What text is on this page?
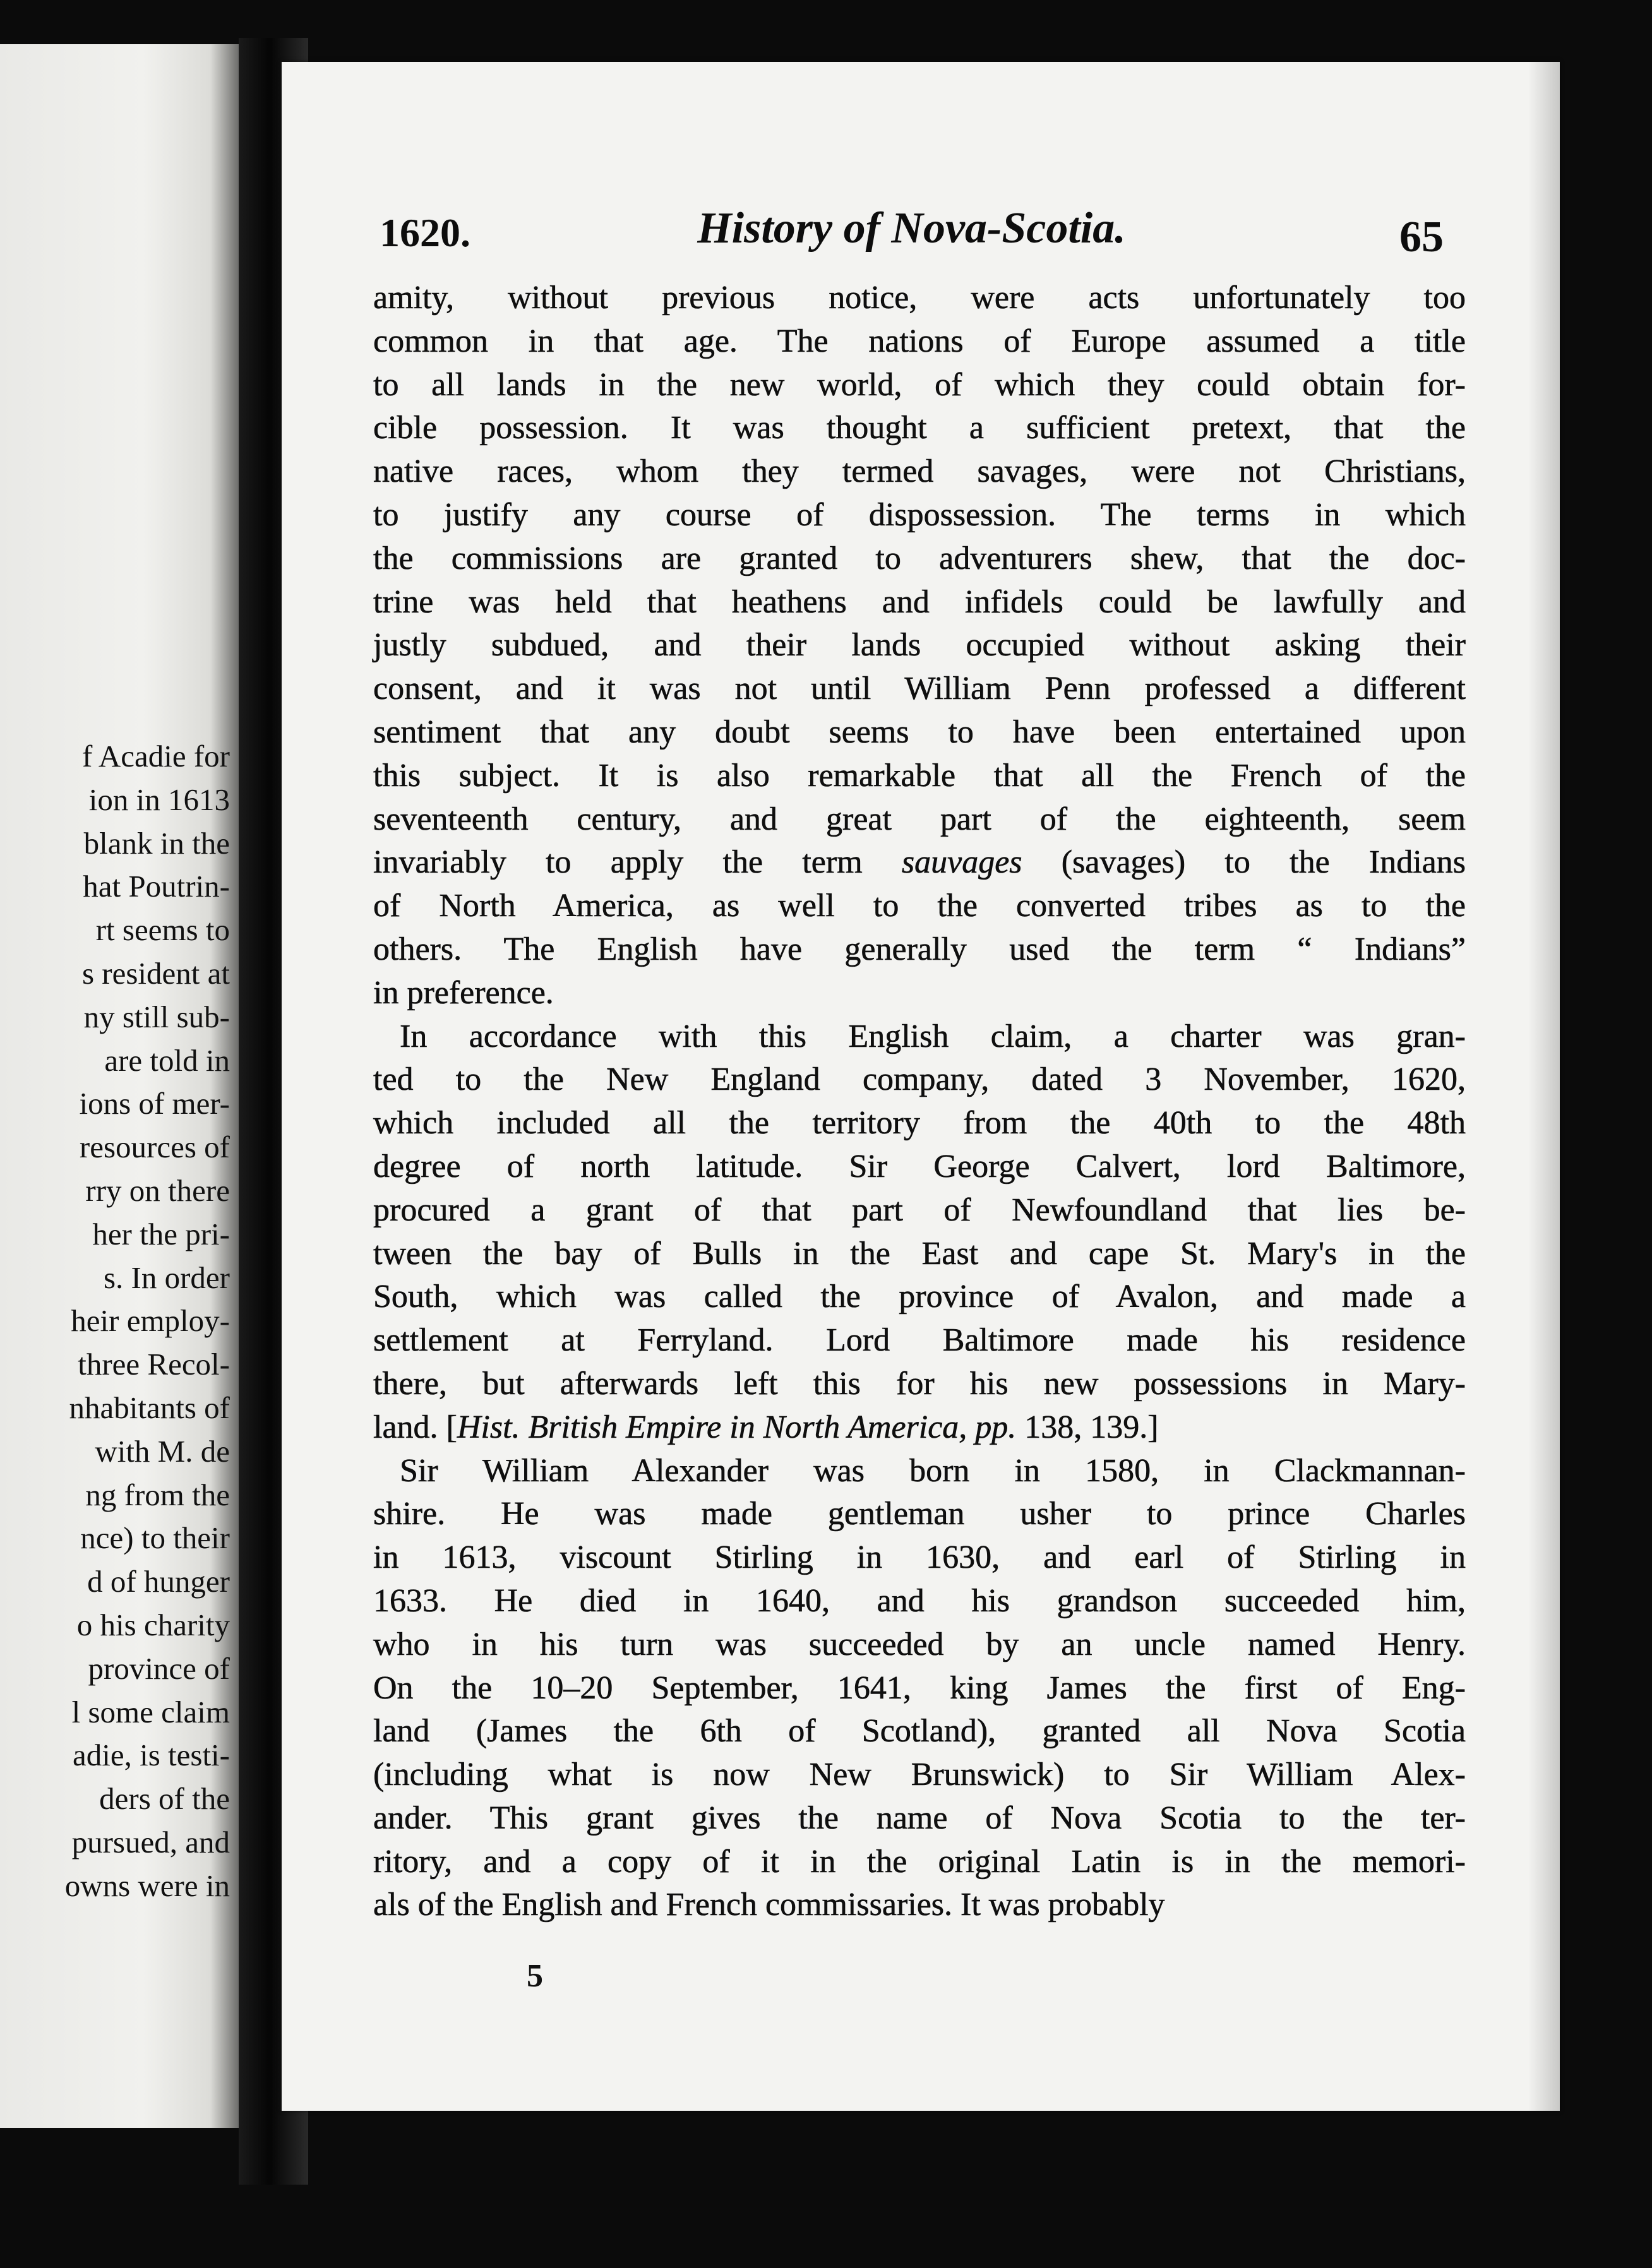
f Acadie for
ion in 1613
blank in the
hat Poutrin-
rt seems to
s resident at
ny still sub-
are told in
ions of mer-
resources of
rry on there
her the pri-
s. In order
heir employ-
three Recol-
nhabitants of
with M. de
ng from the
nce) to their
d of hunger
o his charity
province of
l some claim
adie, is testi-
ders of the
pursued, and
owns were in
1620.	History of Nova-Scotia.	65
amity, without previous notice, were acts unfortunately too
common in that age. The nations of Europe assumed a title
to all lands in the new world, of which they could obtain for-
cible possession. It was thought a sufficient pretext, that the
native races, whom they termed savages, were not Christians,
to justify any course of dispossession. The terms in which
the commissions are granted to adventurers shew, that the doc-
trine was held that heathens and infidels could be lawfully and
justly subdued, and their lands occupied without asking their
consent, and it was not until William Penn professed a different
sentiment that any doubt seems to have been entertained upon
this subject. It is also remarkable that all the French of the
seventeenth century, and great part of the eighteenth, seem
invariably to apply the term sauvages (savages) to the Indians
of North America, as well to the converted tribes as to the
others. The English have generally used the term “ Indians”
in preference.
In accordance with this English claim, a charter was gran-
ted to the New England company, dated 3 November, 1620,
which included all the territory from the 40th to the 48th
degree of north latitude. Sir George Calvert, lord Baltimore,
procured a grant of that part of Newfoundland that lies be-
tween the bay of Bulls in the East and cape St. Mary's in the
South, which was called the province of Avalon, and made a
settlement at Ferryland. Lord Baltimore made his residence
there, but afterwards left this for his new possessions in Mary-
land. [Hist. British Empire in North America, pp. 138, 139.]
Sir William Alexander was born in 1580, in Clackmannan-
shire. He was made gentleman usher to prince Charles
in 1613, viscount Stirling in 1630, and earl of Stirling in
1633. He died in 1640, and his grandson succeeded him,
who in his turn was succeeded by an uncle named Henry.
On the 10–20 September, 1641, king James the first of Eng-
land (James the 6th of Scotland), granted all Nova Scotia
(including what is now New Brunswick) to Sir William Alex-
ander. This grant gives the name of Nova Scotia to the ter-
ritory, and a copy of it in the original Latin is in the memori-
als of the English and French commissaries. It was probably
5
